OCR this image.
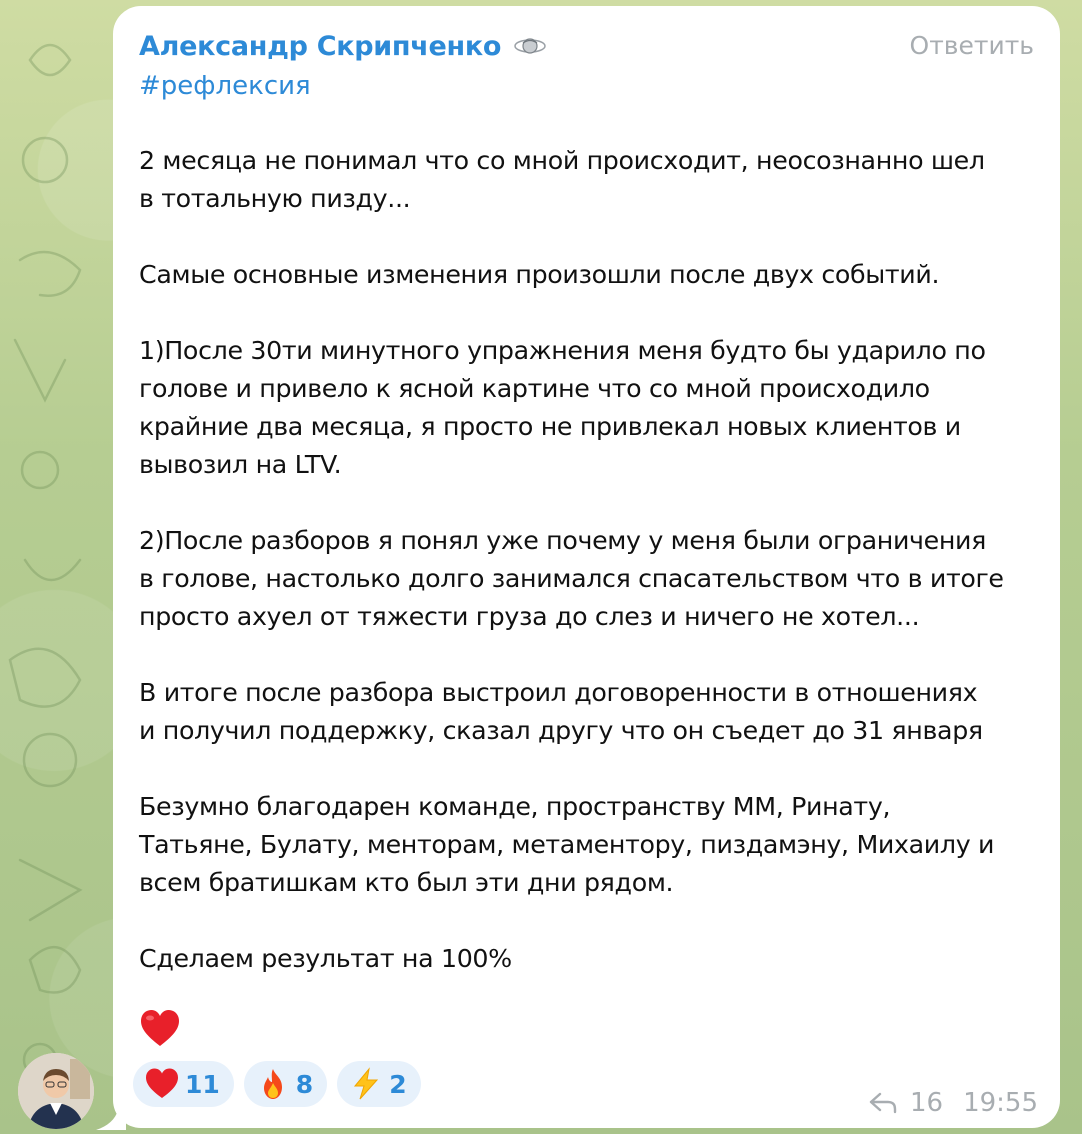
Александр Скрипченко	Ответить
#рефлексия

2 месяца не понимал что со мной происходит, неосознанно шел
в тотальную пизду...

Самые основные изменения произошли после двух событий.

1)После 30ти минутного упражнения меня будто бы ударило по
голове и привело к ясной картине что со мной происходило
крайние два месяца, я просто не привлекал новых клиентов и
вывозил на LTV.

2)После разборов я понял уже почему у меня были ограничения
в голове, настолько долго занимался спасательством что в итоге
просто ахуел от тяжести груза до слез и ничего не хотел...

В итоге после разбора выстроил договоренности в отношениях
и получил поддержку, сказал другу что он съедет до 31 января

Безумно благодарен команде, пространству ММ, Ринату,
Татьяне, Булату, менторам, метаментору, пиздамэну, Михаилу и
всем братишкам кто был эти дни рядом.

Сделаем результат на 100%

11	8	2
16 19:55
